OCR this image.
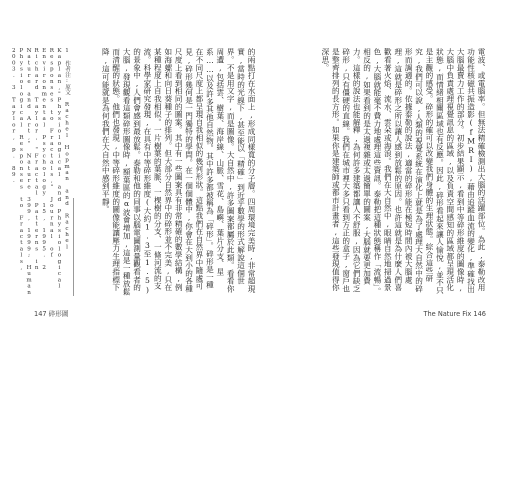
的兩點打在水面上,形成同樣寬的分子層。四周環境完美時,非常超現實,當時的光線下,甚至能以「精確」到近乎數學的形式解說這個世界。不是用文字,而是圖像。大自然中,許多圖案都屬於此類。看看你周遭,包括雲、樹葉、海岸線、山脈、雪花、島嶼、葉片分支、星系……以及許多其他自然物。其中許多都被稱為「碎形」。碎形是一種在不同尺度上都呈現自我相似的幾何形狀。這點我們在自然界中隨處可見,碎形幾何是一門獨特的學問。在一個個體中,你會在大到小的各種尺度上看到相同的圖案。其中有一些圖案具有非常精確的數學結構,例如海螺和向日葵種子的排列。但大部分自然界中的碎形並不完美,只在某種程度上自我相似。一片樹葉的葉脈、一棵樹的分支、一條河流的支流。科學家研究發現,在具有中等碎形維度(大約1.3至1.5)的景象中,人們會感到最放鬆。泰勒和他的同事以腦電圖測量觀看者的大腦,發現觀看這類碎形圖像時,額葉區的α波會增加,這是一種放鬆而清醒的狀態。他們也發現,中等碎形維度的圖像能讓壓力生理指標下降,這可能就是為何我們在大自然中感到平靜。
1 作者注:原文 Rachel Hopman and Rachel Kaplan,"Physiological and Physiological Responses to Fractals," Journal of Environmental Psychology 15, 1995. 2 Richard Taylor, "Fractal Patterns in Nature and Art," Nature 399, 1999; Human Physiological Responses to Fractals, 2003. 3 Taylor, p. 89.
147 碎形圖
電波、或電腦率。但無法精確檢測出大腦的活躍部位。為此,泰勒改用功能性核磁共振造影(fMRI),藉由追蹤血流的變化,準確找出大腦最賣力工作的部分。初步結果顯示,看到中等碎形維度的圖像時,大腦中負責處理視覺訊息的區域,以及負責空間感知的區域都呈現活化狀態,而情緒相關區域也有反應。因此,碎形看起來讓人愉悅,並不只是主觀的感受。碎形的確可以改變我們身體的生理狀態。綜合這些研究,我們可以說,人類的視覺系統在演化上就是為了處理大自然中的碎形而調適的。依據泰勒的說法,適當的碎形能在極短時間內被大腦處理,這就是碎形之所以讓人感到放鬆的原因。也許這就是為什麼人們喜歡看著火焰、流水、雲朵或海浪。我們在大自然中,眼睛自然地掃過景色,大腦就能毫不費力地處理這些資訊。泰勒把這種狀態稱作「流暢」。相反的,如果看到的是太過複雜或太過簡單的圖案,大腦就要更加費力。這樣的說法也能解釋,為何許多建築都讓人不舒服,因為它們缺乏碎形,只有僵硬的直線。我們在城市裡大多只看到方正的盒子,窗戶也是整齊排列的長方形。如果你是建築師或都市計畫者,這些發現值得你深思。
The Nature Fix 146
